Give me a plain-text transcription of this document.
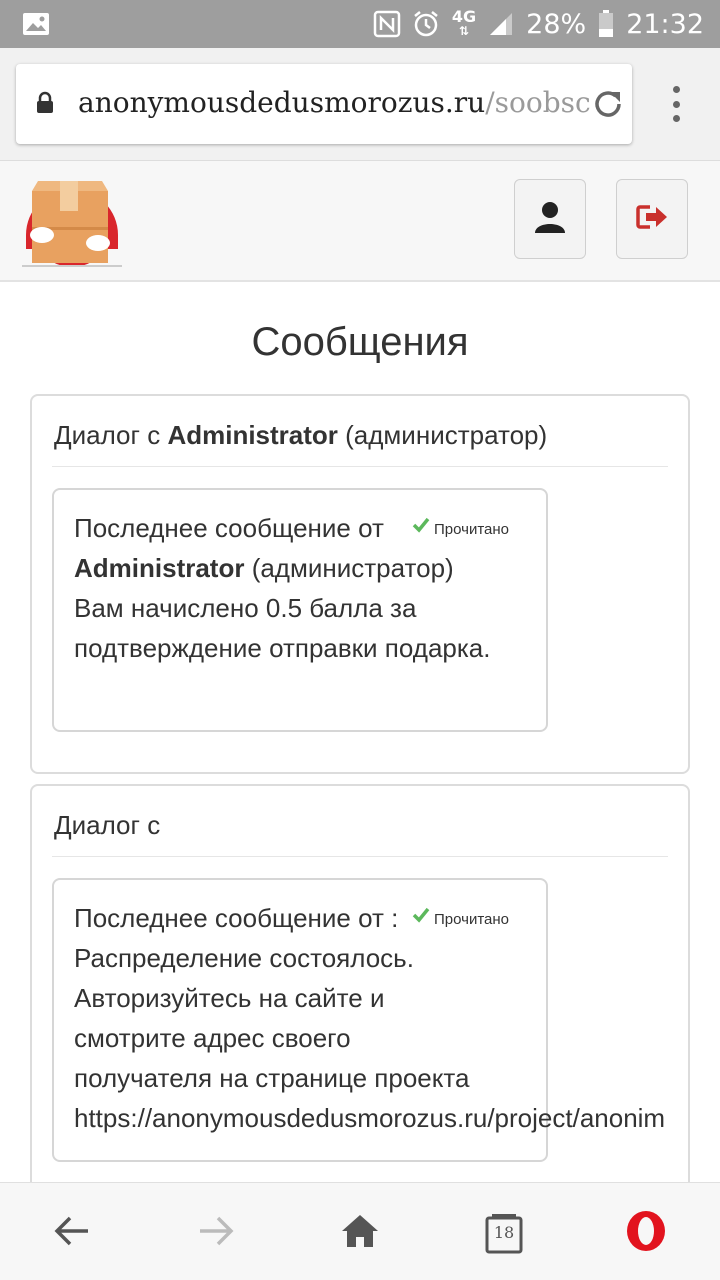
4G
⇅ 28% 21:32
anonymousdedusmorozus.ru/soobsc
Сообщения
Диалог с Administrator (администратор)
Последнее сообщение от
Administrator (администратор)
Вам начислено 0.5 балла за подтверждение отправки подарка.
Прочитано
Диалог с
Последнее сообщение от :
Распределение состоялось.
Авторизуйтесь на сайте и
смотрите адрес своего
получателя на странице проекта
https://anonymousdedusmorozus.ru/project/anonim
Прочитано
18
